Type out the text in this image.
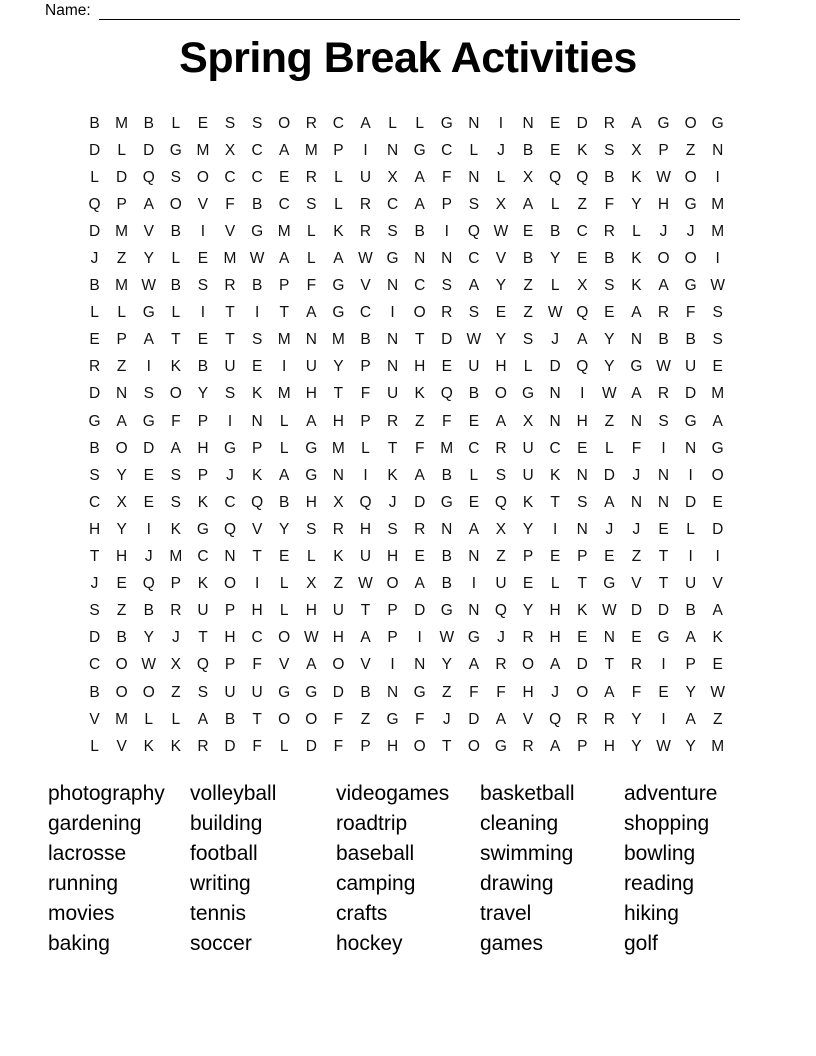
Name:
Spring Break Activities
B M B	L	E	S	S	O R	C	A	L	L	G N	I	N	E	D	R	A	G O G
D	L	D G M X	C	A M P	I	N G C	L	J	B	E	K	S	X	P	Z	N
L	D Q	S	O C	C	E	R	L	U	X	A	F	N	L	X	Q Q	B	K W O	I
Q	P	A	O	V	F	B	C	S	L	R	C	A	P	S	X	A	L	Z	F	Y	H G M
D M V	B	I	V	G M	L	K	R	S	B	I	Q W E	B	C	R	L	J	J	M
J	Z	Y	L	E M W A	L	A W G N	N	C	V	B	Y	E	B	K	O O	I
B M W B	S	R	B	P	F	G	V	N	C	S	A	Y	Z	L	X	S	K	A	G W
L	L	G	L	I	T	I	T	A	G C	I	O R	S	E	Z W Q	E	A	R	F	S
E	P	A	T	E	T	S M N M B	N	T	D W Y	S	J	A	Y	N	B	B	S
R	Z	I	K	B	U	E	I	U	Y	P	N	H	E	U	H	L	D Q	Y	G W U	E
D	N	S	O	Y	S	K M H	T	F	U	K	Q	B	O G N	I	W A	R	D M
G	A	G	F	P	I	N	L	A	H	P	R	Z	F	E	A	X	N	H	Z	N	S	G	A
B	O D	A	H G	P	L	G M	L	T	F	M C	R	U	C	E	L	F	I	N G
S	Y	E	S	P	J	K	A	G N	I	K	A	B	L	S	U	K	N	D	J	N	I	O
C	X	E	S	K	C Q	B	H	X	Q	J	D G	E	Q	K	T	S	A	N	N	D	E
H	Y	I	K	G Q	V	Y	S	R	H	S	R	N	A	X	Y	I	N	J	J	E	L	D
T	H	J	M C	N	T	E	L	K	U	H	E	B	N	Z	P	E	P	E	Z	T	I	I
J	E	Q	P	K	O	I	L	X	Z W O	A	B	I	U	E	L	T	G	V	T	U	V
S	Z	B	R	U	P	H	L	H	U	T	P	D G N Q	Y	H	K W D	D	B	A
D	B	Y	J	T	H	C O W H	A	P	I	W G	J	R	H	E	N	E	G	A	K
C O W X	Q	P	F	V	A	O	V	I	N	Y	A	R O	A	D	T	R	I	P	E
B	O O	Z	S	U	U G G D	B	N G	Z	F	F	H	J	O	A	F	E	Y W
V M	L	L	A	B	T	O O	F	Z	G	F	J	D	A	V	Q R	R	Y	I	A	Z
L	V	K	K	R	D	F	L	D	F	P	H O	T	O G R	A	P	H	Y W Y M
photography
gardening
lacrosse
running
movies
baking
volleyball
building
football
writing
tennis
soccer
videogames
roadtrip
baseball
camping
crafts
hockey
basketball
cleaning
swimming
drawing
travel
games
adventure
shopping
bowling
reading
hiking
golf
